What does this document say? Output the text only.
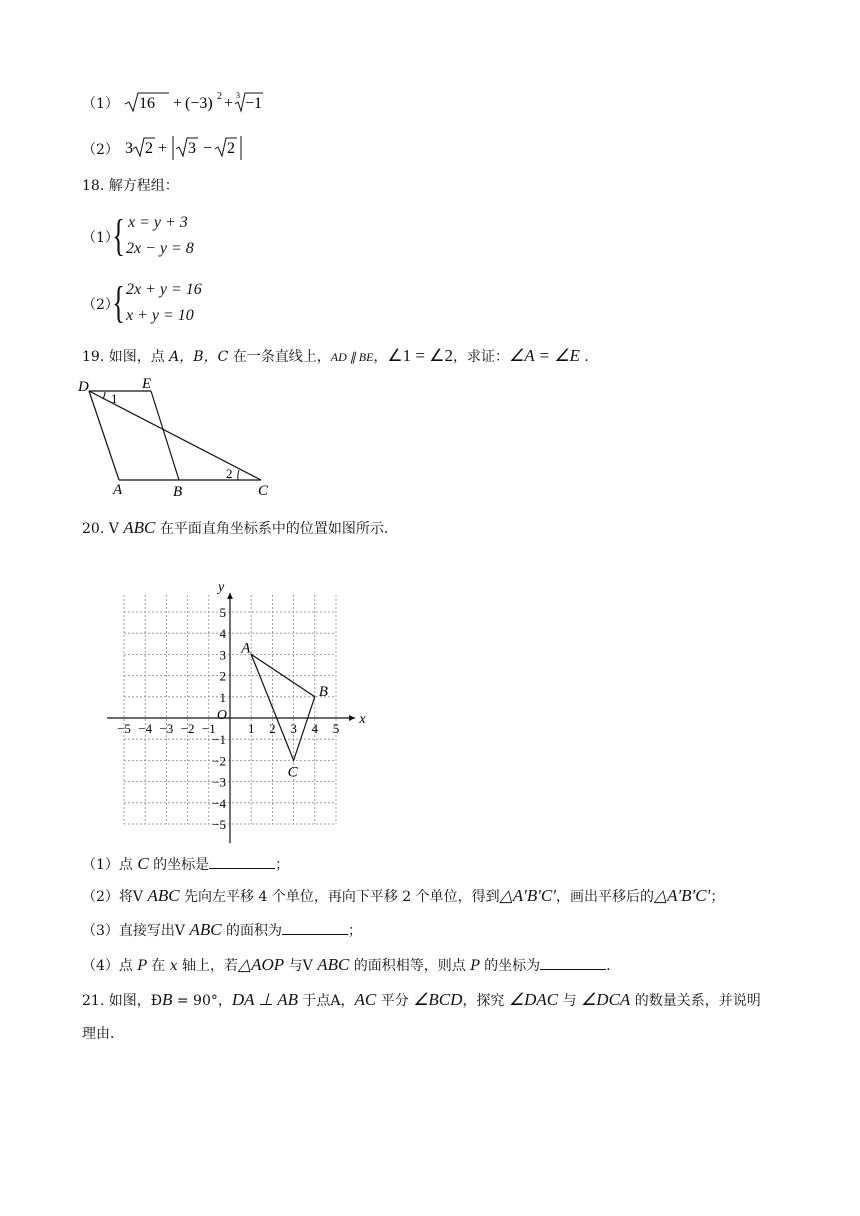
（1） 16 + (−3) 2 + 3 −1
（2） 3 2 + 3 − 2
18. 解方程组：
（1）
{ x = y + 3
2x − y = 8
（2）
{ 2x + y = 16
x + y = 10
19. 如图，点 A，B，C 在一条直线上，AD ∥ BE，∠1 = ∠2，求证：∠A = ∠E .
D	E
A	B	C
1
2
20. V ABC 在平面直角坐标系中的位置如图所示.
x
y
O
−5 −4 −3 −2 −1 1 2 3 4 5
5
4
3
2
1
−1
−2
−3
−4
−5
A
B
C
（1）点 C 的坐标是	；
（2）将V ABC 先向左平移 4 个单位，再向下平移 2 个单位，得到△A′B′C′，画出平移后的△A′B′C′；
（3）直接写出V ABC 的面积为	；
（4）点 P 在 x 轴上，若△AOP 与V ABC 的面积相等，则点 P 的坐标为	.
21. 如图，ÐB = 90°，DA ⊥ AB 于点A，AC 平分 ∠BCD，探究 ∠DAC 与 ∠DCA 的数量关系，并说明
理由.
